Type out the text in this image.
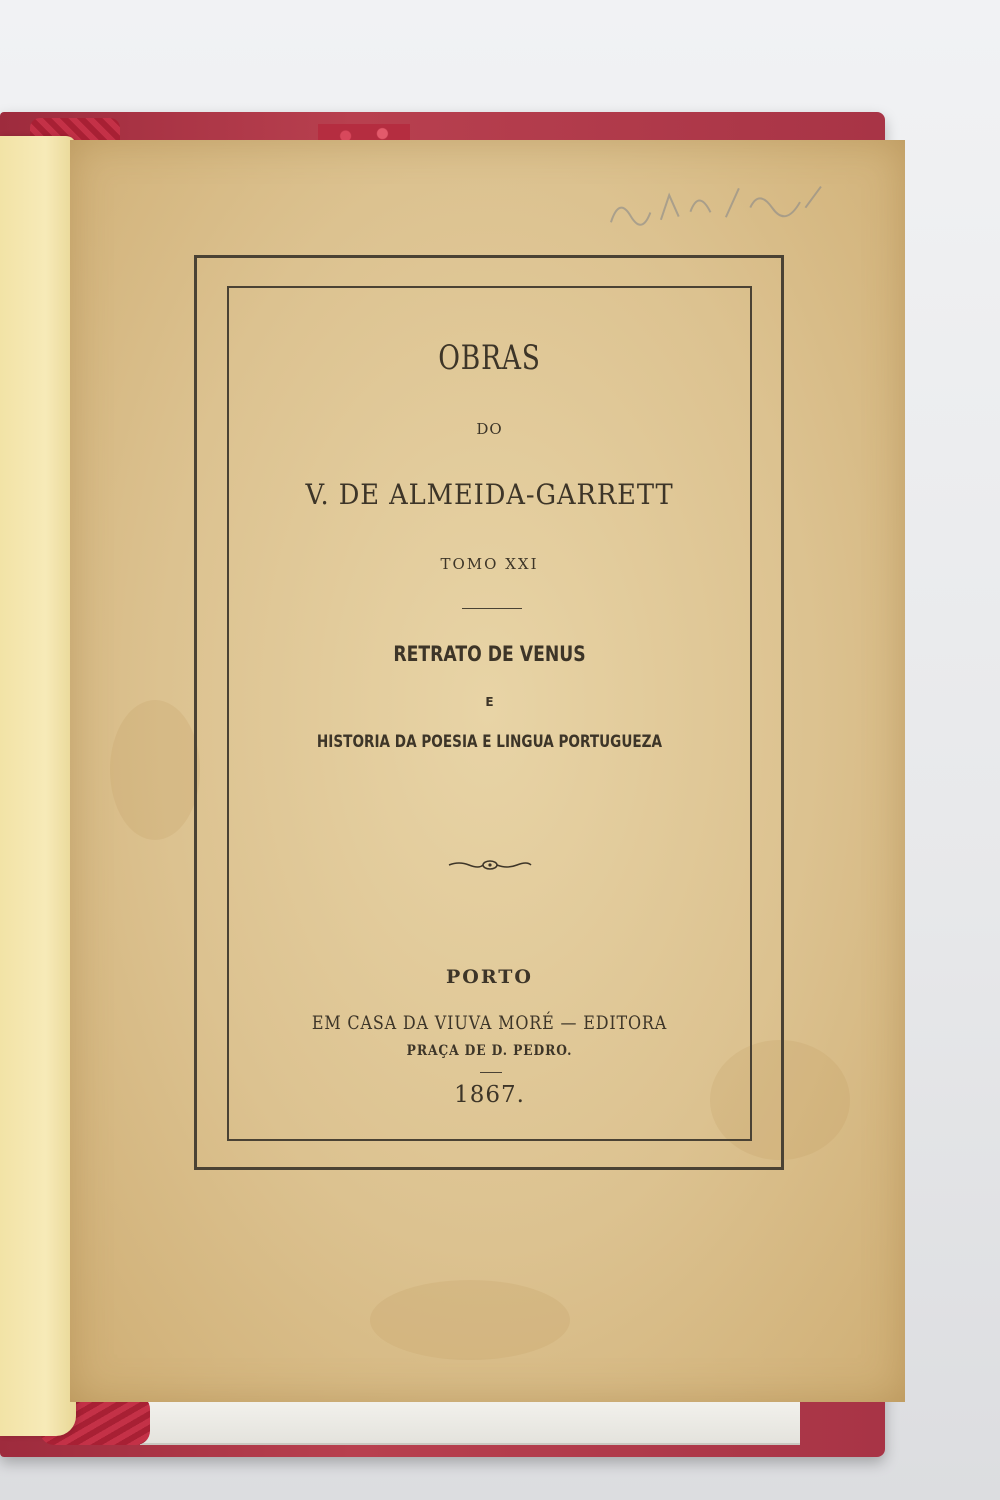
OBRAS

DO

V. DE ALMEIDA-GARRETT

TOMO XXI

RETRATO DE VENUS

E

HISTORIA DA POESIA E LINGUA PORTUGUEZA

PORTO

EM CASA DA VIUVA MORÉ — EDITORA

PRAÇA DE D. PEDRO.

1867.
